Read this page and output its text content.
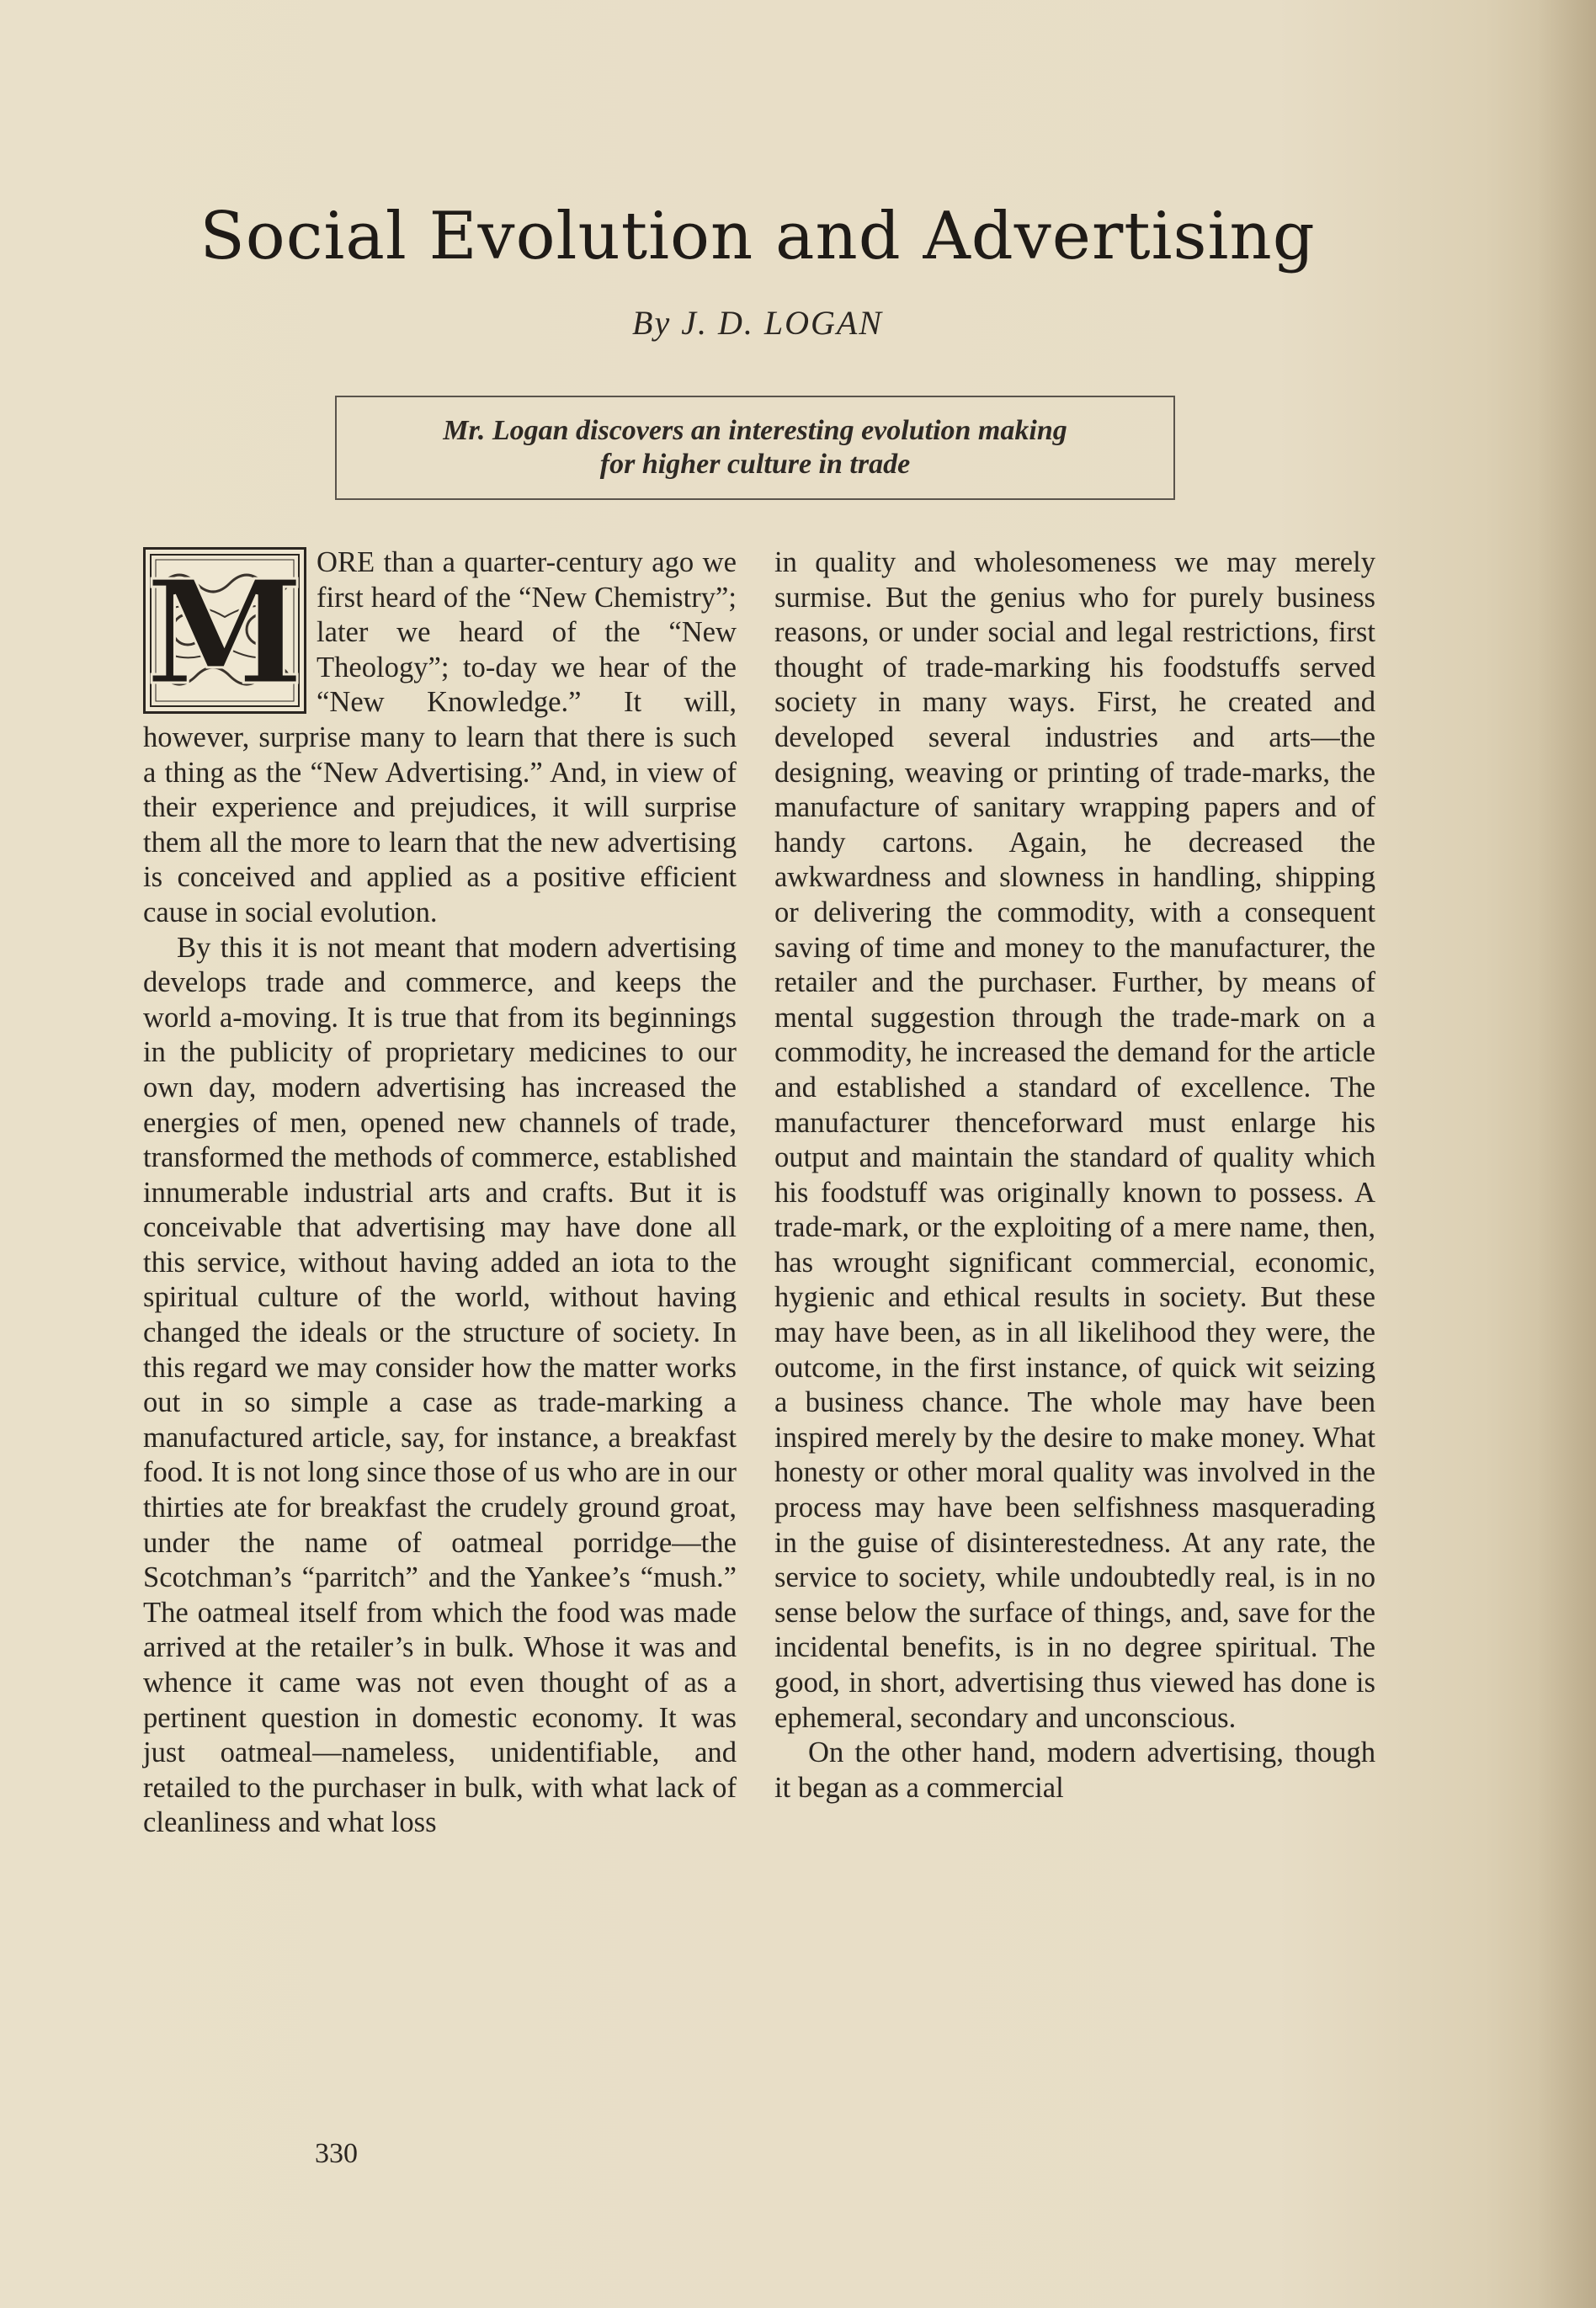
Social Evolution and Advertising
By J. D. LOGAN
Mr. Logan discovers an interesting evolution making
for higher culture in trade

M ORE than a quarter-century ago we first heard of the “New Chemistry”; later we heard of the “New Theology”; to-day we hear of the “New Knowledge.” It will, however, surprise many to learn that there is such a thing as the “New Advertising.” And, in view of their experience and prejudices, it will surprise them all the more to learn that the new advertising is conceived and applied as a positive efficient cause in social evolution.

By this it is not meant that modern advertising develops trade and commerce, and keeps the world a-moving. It is true that from its beginnings in the publicity of proprietary medicines to our own day, modern advertising has increased the energies of men, opened new channels of trade, transformed the methods of commerce, established innumerable industrial arts and crafts. But it is conceivable that advertising may have done all this service, without having added an iota to the spiritual culture of the world, without having changed the ideals or the structure of society. In this regard we may consider how the matter works out in so simple a case as trade-marking a manufactured article, say, for instance, a breakfast food. It is not long since those of us who are in our thirties ate for breakfast the crudely ground groat, under the name of oatmeal porridge—the Scotchman’s “parritch” and the Yankee’s “mush.” The oatmeal itself from which the food was made arrived at the retailer’s in bulk. Whose it was and whence it came was not even thought of as a pertinent question in domestic economy. It was just oatmeal—nameless, unidentifiable, and retailed to the purchaser in bulk, with what lack of cleanliness and what loss

in quality and wholesomeness we may merely surmise. But the genius who for purely business reasons, or under social and legal restrictions, first thought of trade-marking his foodstuffs served society in many ways. First, he created and developed several industries and arts—the designing, weaving or printing of trade-marks, the manufacture of sanitary wrapping papers and of handy cartons. Again, he decreased the awkwardness and slowness in handling, shipping or delivering the commodity, with a consequent saving of time and money to the manufacturer, the retailer and the purchaser. Further, by means of mental suggestion through the trade-mark on a commodity, he increased the demand for the article and established a standard of excellence. The manufacturer thenceforward must enlarge his output and maintain the standard of quality which his foodstuff was originally known to possess. A trade-mark, or the exploiting of a mere name, then, has wrought significant commercial, economic, hygienic and ethical results in society. But these may have been, as in all likelihood they were, the outcome, in the first instance, of quick wit seizing a business chance. The whole may have been inspired merely by the desire to make money. What honesty or other moral quality was involved in the process may have been selfishness masquerading in the guise of disinterestedness. At any rate, the service to society, while undoubtedly real, is in no sense below the surface of things, and, save for the incidental benefits, is in no degree spiritual. The good, in short, advertising thus viewed has done is ephemeral, secondary and unconscious.

On the other hand, modern advertising, though it began as a commercial

330
